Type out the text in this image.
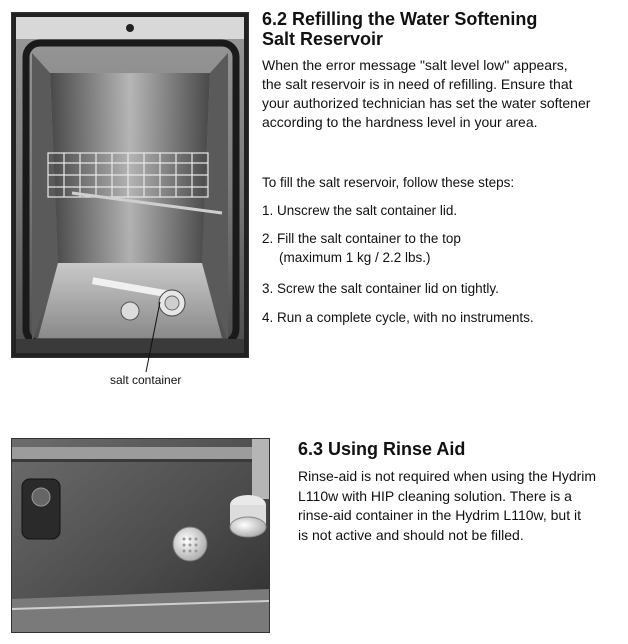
salt container
6.2 Refilling the Water Softening
Salt Reservoir
When the error message "salt level low" appears,
the salt reservoir is in need of refilling. Ensure that
your authorized technician has set the water softener
according to the hardness level in your area.
To fill the salt reservoir, follow these steps:
1. Unscrew the salt container lid.
2. Fill the salt container to the top
(maximum 1 kg / 2.2 lbs.)
3. Screw the salt container lid on tightly.
4. Run a complete cycle, with no instruments.
6.3 Using Rinse Aid
Rinse-aid is not required when using the Hydrim
L110w with HIP cleaning solution. There is a
rinse-aid container in the Hydrim L110w, but it
is not active and should not be filled.
